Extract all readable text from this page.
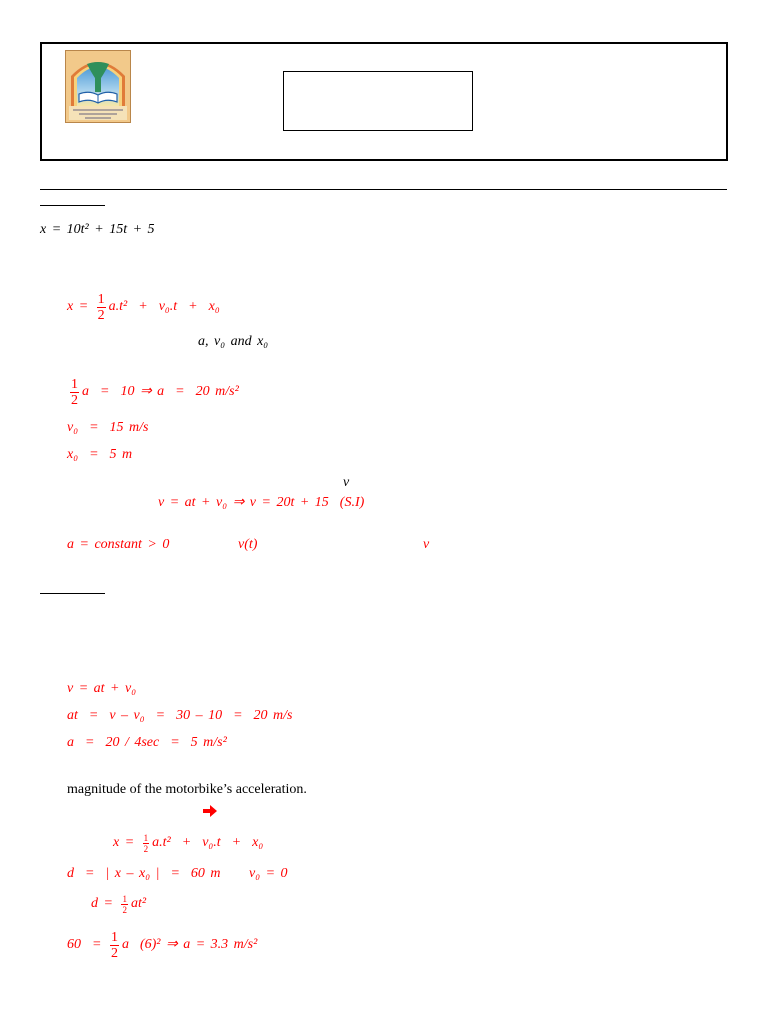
x = 10t² + 15t + 5
$x = \frac{1}{2} a.t^2 + v_0.t + x_0$
a, v₀ and x₀
$\frac{1}{2}$ a  =  10 ⇒ a  =  20 m/s²
v₀  =  15 m/s
x₀  =  5 m
v
v = at + v₀ ⇒ v = 20t + 15  (S.I)
a = constant > 0	v(t)	v
v = at + v₀
at  =  v – v₀  =  30 – 10  =  20 m/s
a  =  20 / 4sec  =  5 m/s²
magnitude of the motorbike’s acceleration.
$x = \frac{1}{2} a.t^2 + v_0.t + x_0$
d  =  | x – x₀ |  =  60 m v₀ = 0
$d = \frac{1}{2} at^2$
$60 = \frac{1}{2}$ a  (6)² ⇒ a = 3.3 m/s²
